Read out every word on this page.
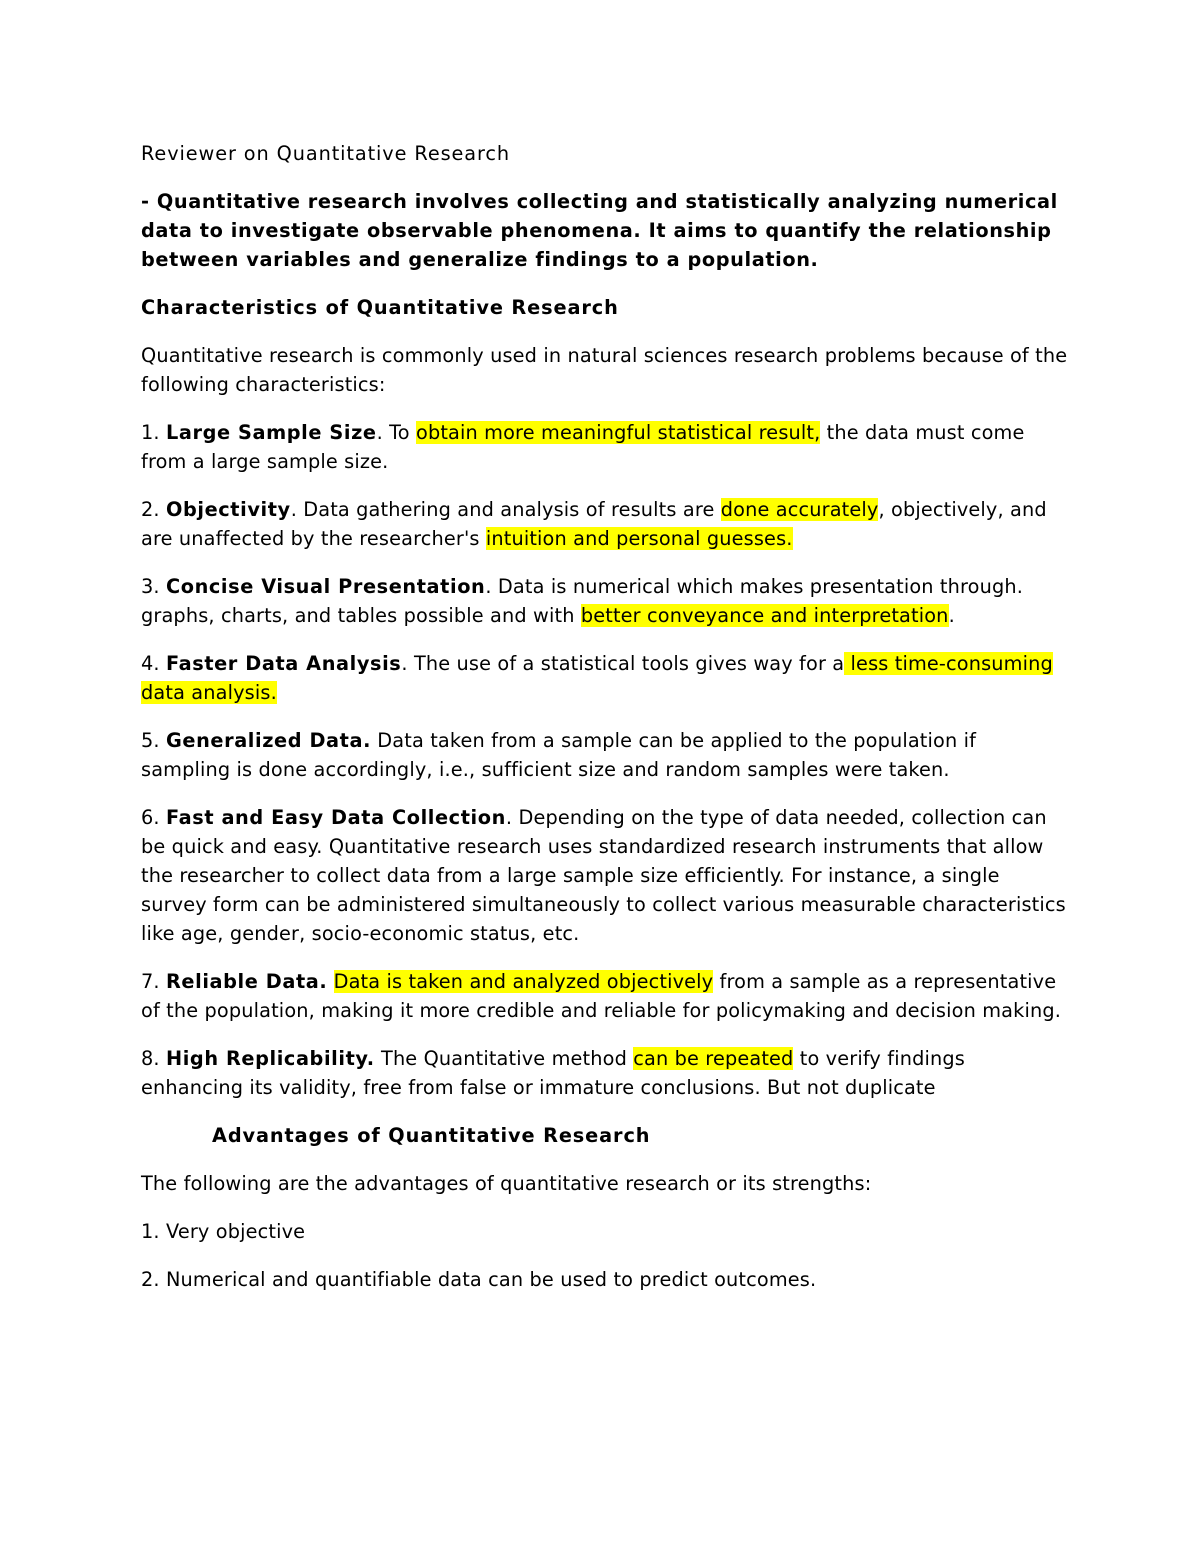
Reviewer on Quantitative Research

- Quantitative research involves collecting and statistically analyzing numerical data to investigate observable phenomena. It aims to quantify the relationship between variables and generalize findings to a population.

Characteristics of Quantitative Research

Quantitative research is commonly used in natural sciences research problems because of the following characteristics:

1. Large Sample Size. To obtain more meaningful statistical result, the data must come from a large sample size.

2. Objectivity. Data gathering and analysis of results are done accurately, objectively, and are unaffected by the researcher's intuition and personal guesses.

3. Concise Visual Presentation. Data is numerical which makes presentation through. graphs, charts, and tables possible and with better conveyance and interpretation.

4. Faster Data Analysis. The use of a statistical tools gives way for a less time-consuming data analysis.

5. Generalized Data. Data taken from a sample can be applied to the population if sampling is done accordingly, i.e., sufficient size and random samples were taken.

6. Fast and Easy Data Collection. Depending on the type of data needed, collection can be quick and easy. Quantitative research uses standardized research instruments that allow the researcher to collect data from a large sample size efficiently. For instance, a single survey form can be administered simultaneously to collect various measurable characteristics like age, gender, socio-economic status, etc.

7. Reliable Data. Data is taken and analyzed objectively from a sample as a representative of the population, making it more credible and reliable for policymaking and decision making.

8. High Replicability. The Quantitative method can be repeated to verify findings enhancing its validity, free from false or immature conclusions. But not duplicate

Advantages of Quantitative Research

The following are the advantages of quantitative research or its strengths:

1. Very objective

2. Numerical and quantifiable data can be used to predict outcomes.
